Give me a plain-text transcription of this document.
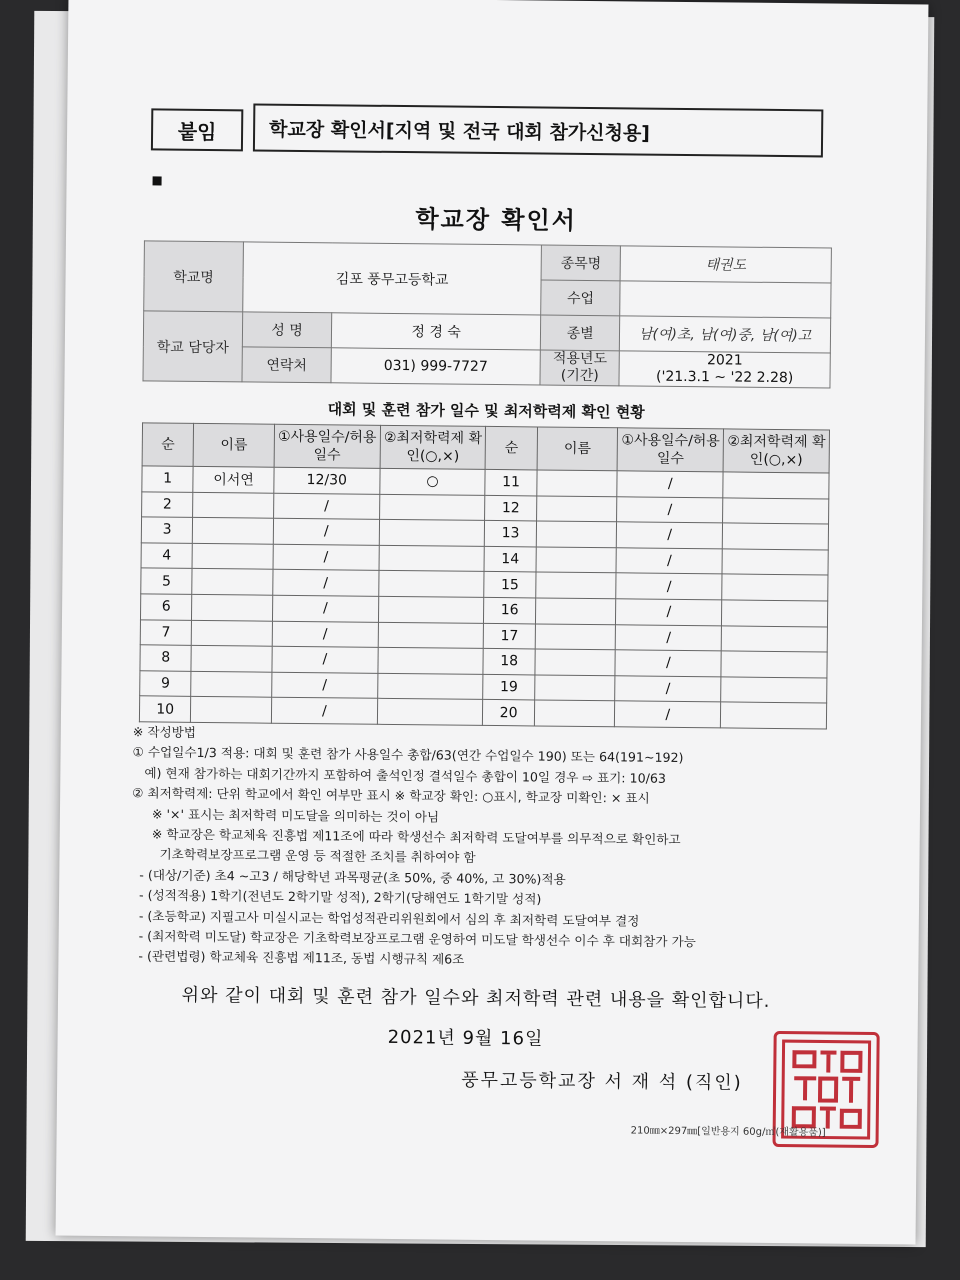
붙임	학교장 확인서[지역 및 전국 대회 참가신청용]
학교장 확인서
학교명	김포 풍무고등학교		종목명	태권도
			수업	
학교 담당자	성 명	정 경 숙	종별	남(여)초, 남(여)중, 남(여)고
	연락처	031) 999-7727	적용년도 (기간)	2021
('21.3.1 ~ '22 2.28)
대회 및 훈련 참가 일수 및 최저학력제 확인 현황
순	이름	①사용일수/허용일수	②최저학력제 확인(○,×)	순	이름	①사용일수/허용일수	②최저학력제 확인(○,×)
1	이서연	12/30	○	11		/	
2		/		12		/	
3		/		13		/	
4		/		14		/	
5		/		15		/	
6		/		16		/	
7		/		17		/	
8		/		18		/	
9		/		19		/	
10		/		20		/	
※ 작성방법
① 수업일수1/3 적용: 대회 및 훈련 참가 사용일수 총합/63(연간 수업일수 190) 또는 64(191~192)
예) 현재 참가하는 대회기간까지 포함하여 출석인정 결석일수 총합이 10일 경우 ⇨ 표기: 10/63
② 최저학력제: 단위 학교에서 확인 여부만 표시 ※ 학교장 확인: ○표시, 학교장 미확인: × 표시
※ '×' 표시는 최저학력 미도달을 의미하는 것이 아님
※ 학교장은 학교체육 진흥법 제11조에 따라 학생선수 최저학력 도달여부를 의무적으로 확인하고
기초학력보장프로그램 운영 등 적절한 조치를 취하여야 함
- (대상/기준) 초4 ~고3 / 해당학년 과목평균(초 50%, 중 40%, 고 30%)적용
- (성적적용) 1학기(전년도 2학기말 성적), 2학기(당해연도 1학기말 성적)
- (초등학교) 지필고사 미실시교는 학업성적관리위원회에서 심의 후 최저학력 도달여부 결정
- (최저학력 미도달) 학교장은 기초학력보장프로그램 운영하여 미도달 학생선수 이수 후 대회참가 가능
- (관련법령) 학교체육 진흥법 제11조, 동법 시행규칙 제6조
위와 같이 대회 및 훈련 참가 일수와 최저학력 관련 내용을 확인합니다.
2021년 9월 16일
풍무고등학교장 서 재 석 (직인)
210㎜×297㎜[일반용지 60g/㎡(재활용품)]
